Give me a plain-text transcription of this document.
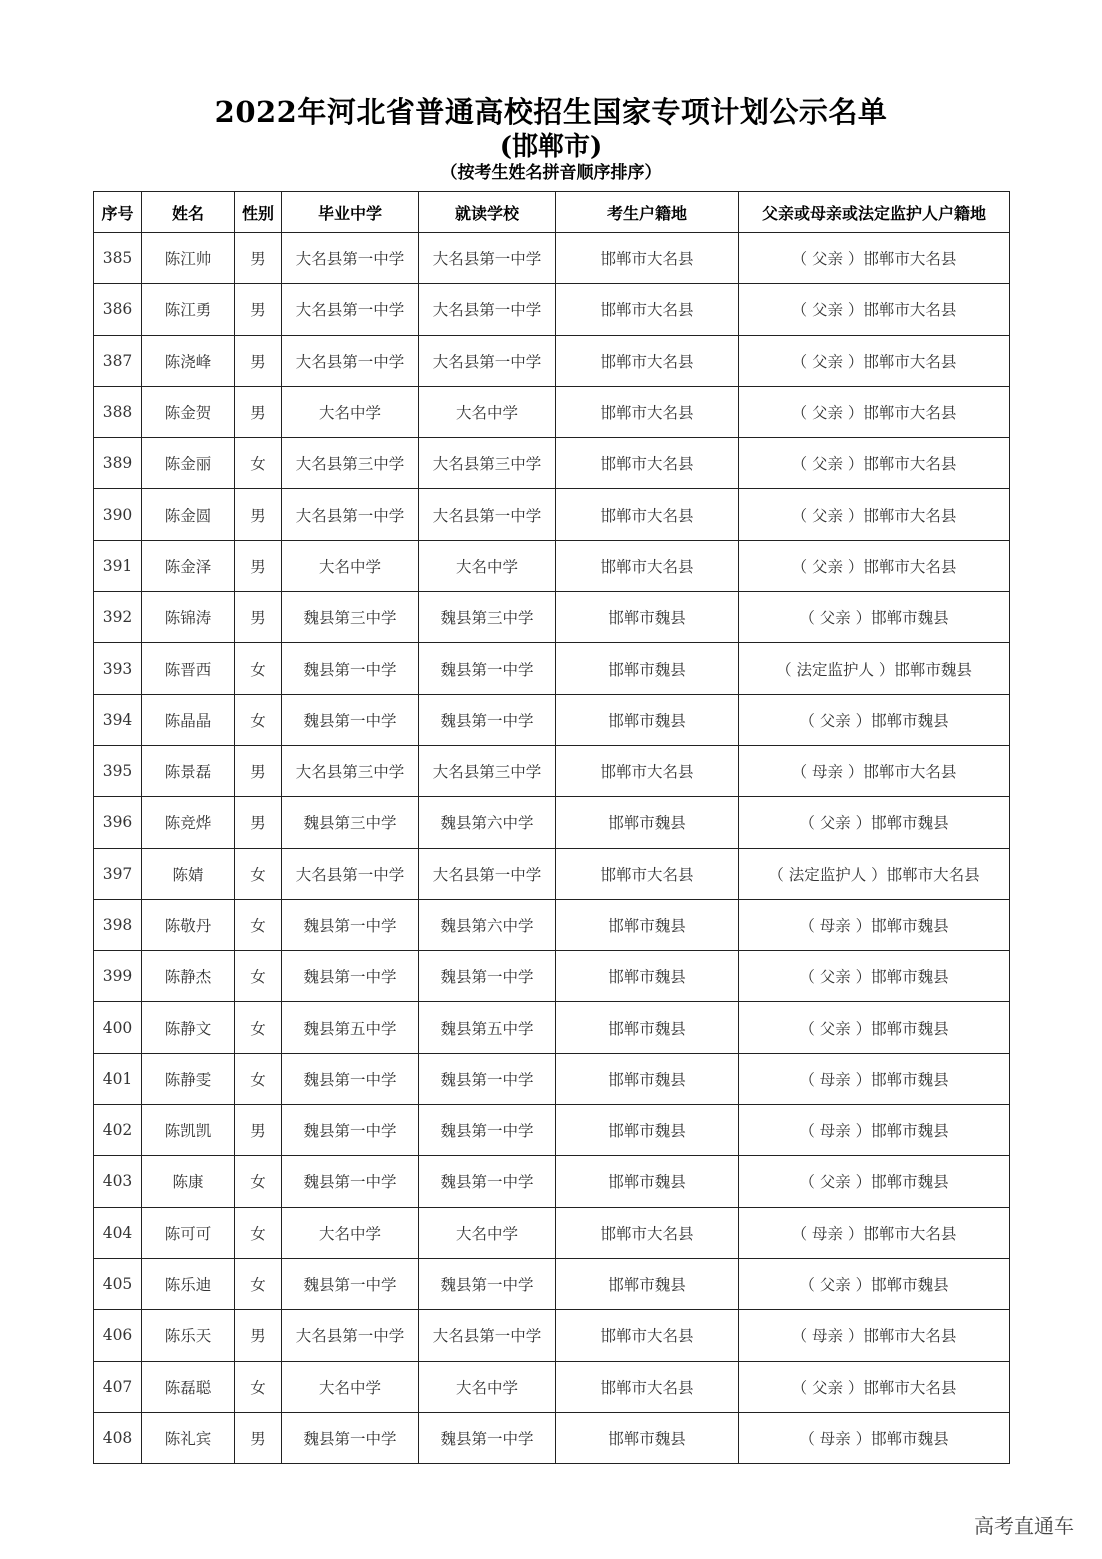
2022年河北省普通高校招生国家专项计划公示名单
(邯郸市)
（按考生姓名拼音顺序排序）
序号	姓名	性别	毕业中学	就读学校	考生户籍地	父亲或母亲或法定监护人户籍地
385	陈江帅	男	大名县第一中学	大名县第一中学	邯郸市大名县	（ 父亲 ）邯郸市大名县
386	陈江勇	男	大名县第一中学	大名县第一中学	邯郸市大名县	（ 父亲 ）邯郸市大名县
387	陈浇峰	男	大名县第一中学	大名县第一中学	邯郸市大名县	（ 父亲 ）邯郸市大名县
388	陈金贺	男	大名中学	大名中学	邯郸市大名县	（ 父亲 ）邯郸市大名县
389	陈金丽	女	大名县第三中学	大名县第三中学	邯郸市大名县	（ 父亲 ）邯郸市大名县
390	陈金圆	男	大名县第一中学	大名县第一中学	邯郸市大名县	（ 父亲 ）邯郸市大名县
391	陈金泽	男	大名中学	大名中学	邯郸市大名县	（ 父亲 ）邯郸市大名县
392	陈锦涛	男	魏县第三中学	魏县第三中学	邯郸市魏县	（ 父亲 ）邯郸市魏县
393	陈晋西	女	魏县第一中学	魏县第一中学	邯郸市魏县	（ 法定监护人 ）邯郸市魏县
394	陈晶晶	女	魏县第一中学	魏县第一中学	邯郸市魏县	（ 父亲 ）邯郸市魏县
395	陈景磊	男	大名县第三中学	大名县第三中学	邯郸市大名县	（ 母亲 ）邯郸市大名县
396	陈竞烨	男	魏县第三中学	魏县第六中学	邯郸市魏县	（ 父亲 ）邯郸市魏县
397	陈婧	女	大名县第一中学	大名县第一中学	邯郸市大名县	（ 法定监护人 ）邯郸市大名县
398	陈敬丹	女	魏县第一中学	魏县第六中学	邯郸市魏县	（ 母亲 ）邯郸市魏县
399	陈静杰	女	魏县第一中学	魏县第一中学	邯郸市魏县	（ 父亲 ）邯郸市魏县
400	陈静文	女	魏县第五中学	魏县第五中学	邯郸市魏县	（ 父亲 ）邯郸市魏县
401	陈静雯	女	魏县第一中学	魏县第一中学	邯郸市魏县	（ 母亲 ）邯郸市魏县
402	陈凯凯	男	魏县第一中学	魏县第一中学	邯郸市魏县	（ 母亲 ）邯郸市魏县
403	陈康	女	魏县第一中学	魏县第一中学	邯郸市魏县	（ 父亲 ）邯郸市魏县
404	陈可可	女	大名中学	大名中学	邯郸市大名县	（ 母亲 ）邯郸市大名县
405	陈乐迪	女	魏县第一中学	魏县第一中学	邯郸市魏县	（ 父亲 ）邯郸市魏县
406	陈乐天	男	大名县第一中学	大名县第一中学	邯郸市大名县	（ 母亲 ）邯郸市大名县
407	陈磊聪	女	大名中学	大名中学	邯郸市大名县	（ 父亲 ）邯郸市大名县
408	陈礼宾	男	魏县第一中学	魏县第一中学	邯郸市魏县	（ 母亲 ）邯郸市魏县
高考直通车
